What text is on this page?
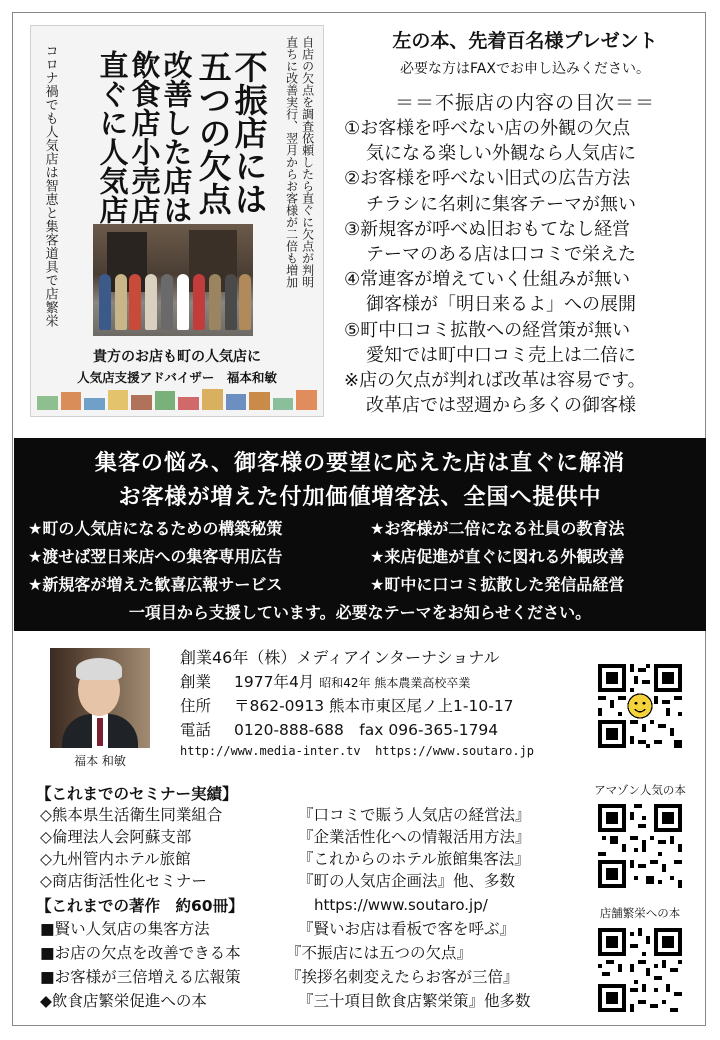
自店の欠点を調査依頼したら直ぐに欠点が判明
直ちに改善実行、翌月からお客様が二倍も増加
不振店には
五つの欠点
改善した店は
飲食店小売店
直ぐに人気店
コロナ禍でも人気店は智恵と集客道具で店繁栄
貴方のお店も町の人気店に
人気店支援アドバイザー　福本和敏
左の本、先着百名様プレゼント
必要な方はFAXでお申し込みください。
＝＝不振店の内容の目次＝＝
①お客様を呼べない店の外観の欠点
気になる楽しい外観なら人気店に
②お客様を呼べない旧式の広告方法
チラシに名刺に集客テーマが無い
③新規客が呼べぬ旧おもてなし経営
テーマのある店は口コミで栄えた
④常連客が増えていく仕組みが無い
御客様が「明日来るよ」への展開
⑤町中口コミ拡散への経営策が無い
愛知では町中口コミ売上は二倍に
※店の欠点が判れば改革は容易です。
改革店では翌週から多くの御客様
集客の悩み、御客様の要望に応えた店は直ぐに解消
お客様が増えた付加価値増客法、全国へ提供中
★町の人気店になるための構築秘策	★お客様が二倍になる社員の教育法
★渡せば翌日来店への集客専用広告	★来店促進が直ぐに図れる外観改善
★新規客が増えた歓喜広報サービス	★町中に口コミ拡散した発信品経営
一項目から支援しています。必要なテーマをお知らせください。
福本 和敏
創業46年（株）メディアインターナショナル
創業 1977年4月 昭和42年 熊本農業高校卒業
住所 〒862-0913 熊本市東区尾ノ上1-10-17
電話 0120-888-688　fax 096-365-1794
http://www.media-inter.tv https://www.soutaro.jp
【これまでのセミナー実績】
◇熊本県生活衛生同業組合	『口コミで賑う人気店の経営法』
◇倫理法人会阿蘇支部	『企業活性化への情報活用方法』
◇九州管内ホテル旅館	『これからのホテル旅館集客法』
◇商店街活性化セミナー	『町の人気店企画法』他、多数
【これまでの著作　約60冊】	https://www.soutaro.jp/
■賢い人気店の集客方法	『賢いお店は看板で客を呼ぶ』
■お店の欠点を改善できる本	『不振店には五つの欠点』
■お客様が三倍増える広報策	『挨拶名刺変えたらお客が三倍』
◆飲食店繁栄促進への本	『三十項目飲食店繁栄策』他多数
アマゾン人気の本
店舗繁栄への本
